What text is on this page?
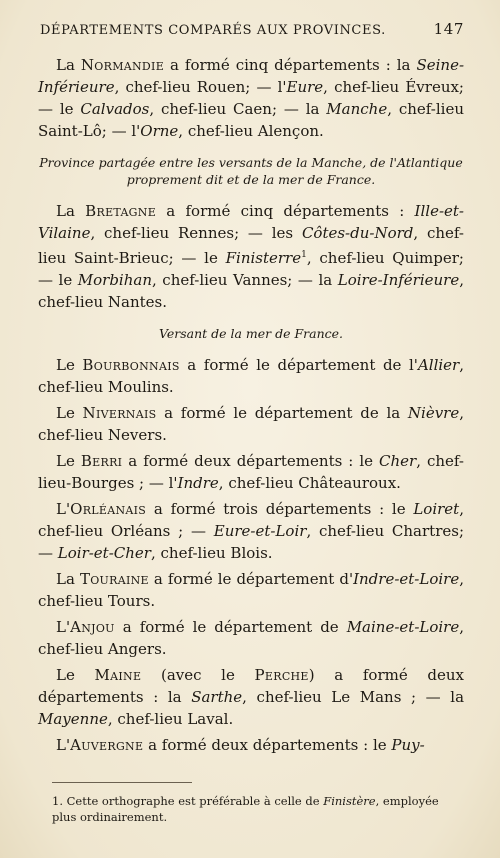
DÉPARTEMENTS COMPARÉS AUX PROVINCES.	147

La Normandie a formé cinq départements : la Seine-Inférieure, chef-lieu Rouen; — l'Eure, chef-lieu Évreux; — le Calvados, chef-lieu Caen; — la Manche, chef-lieu Saint-Lô; — l'Orne, chef-lieu Alençon.

Province partagée entre les versants de la Manche, de l'Atlantique proprement dit et de la mer de France.

La Bretagne a formé cinq départements : Ille-et-Vilaine, chef-lieu Rennes; — les Côtes-du-Nord, chef-lieu Saint-Brieuc; — le Finisterre$^1$, chef-lieu Quimper; — le Morbihan, chef-lieu Vannes; — la Loire-Inférieure, chef-lieu Nantes.

Versant de la mer de France.

Le Bourbonnais a formé le département de l'Allier, chef-lieu Moulins.

Le Nivernais a formé le département de la Nièvre, chef-lieu Nevers.

Le Berri a formé deux départements : le Cher, chef-lieu-Bourges ; — l'Indre, chef-lieu Châteauroux.

L'Orléanais a formé trois départements : le Loiret, chef-lieu Orléans ; — Eure-et-Loir, chef-lieu Chartres; — Loir-et-Cher, chef-lieu Blois.

La Touraine a formé le département d'Indre-et-Loire, chef-lieu Tours.

L'Anjou a formé le département de Maine-et-Loire, chef-lieu Angers.

Le Maine (avec le Perche) a formé deux départements : la Sarthe, chef-lieu Le Mans ; — la Mayenne, chef-lieu Laval.

L'Auvergne a formé deux départements : le Puy-

1. Cette orthographe est préférable à celle de Finistère, employée plus ordinairement.
